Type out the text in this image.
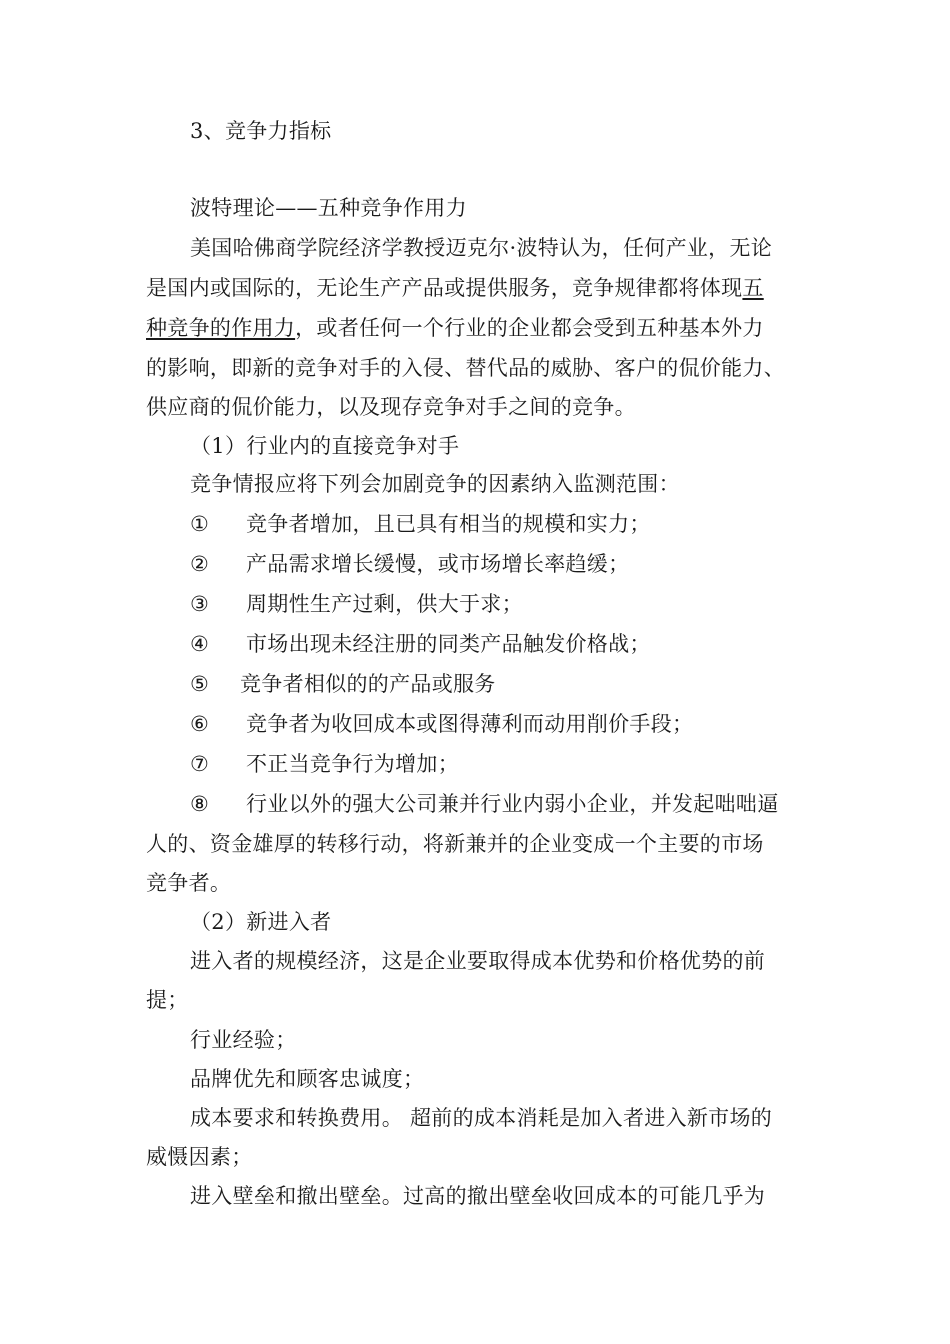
3、竞争力指标
波特理论——五种竞争作用力
美国哈佛商学院经济学教授迈克尔·波特认为，任何产业，无论
是国内或国际的，无论生产产品或提供服务，竞争规律都将体现五
种竞争的作用力，或者任何一个行业的企业都会受到五种基本外力
的影响，即新的竞争对手的入侵、替代品的威胁、客户的侃价能力、
供应商的侃价能力，以及现存竞争对手之间的竞争。
（1）行业内的直接竞争对手
竞争情报应将下列会加剧竞争的因素纳入监测范围：
① 竞争者增加，且已具有相当的规模和实力；
② 产品需求增长缓慢，或市场增长率趋缓；
③ 周期性生产过剩，供大于求；
④ 市场出现未经注册的同类产品触发价格战；
⑤ 竞争者相似的的产品或服务
⑥ 竞争者为收回成本或图得薄利而动用削价手段；
⑦ 不正当竞争行为增加；
⑧ 行业以外的强大公司兼并行业内弱小企业，并发起咄咄逼
人的、资金雄厚的转移行动，将新兼并的企业变成一个主要的市场
竞争者。
（2）新进入者
进入者的规模经济，这是企业要取得成本优势和价格优势的前
提；
行业经验；
品牌优先和顾客忠诚度；
成本要求和转换费用。 超前的成本消耗是加入者进入新市场的
威慑因素；
进入壁垒和撤出壁垒。过高的撤出壁垒收回成本的可能几乎为
